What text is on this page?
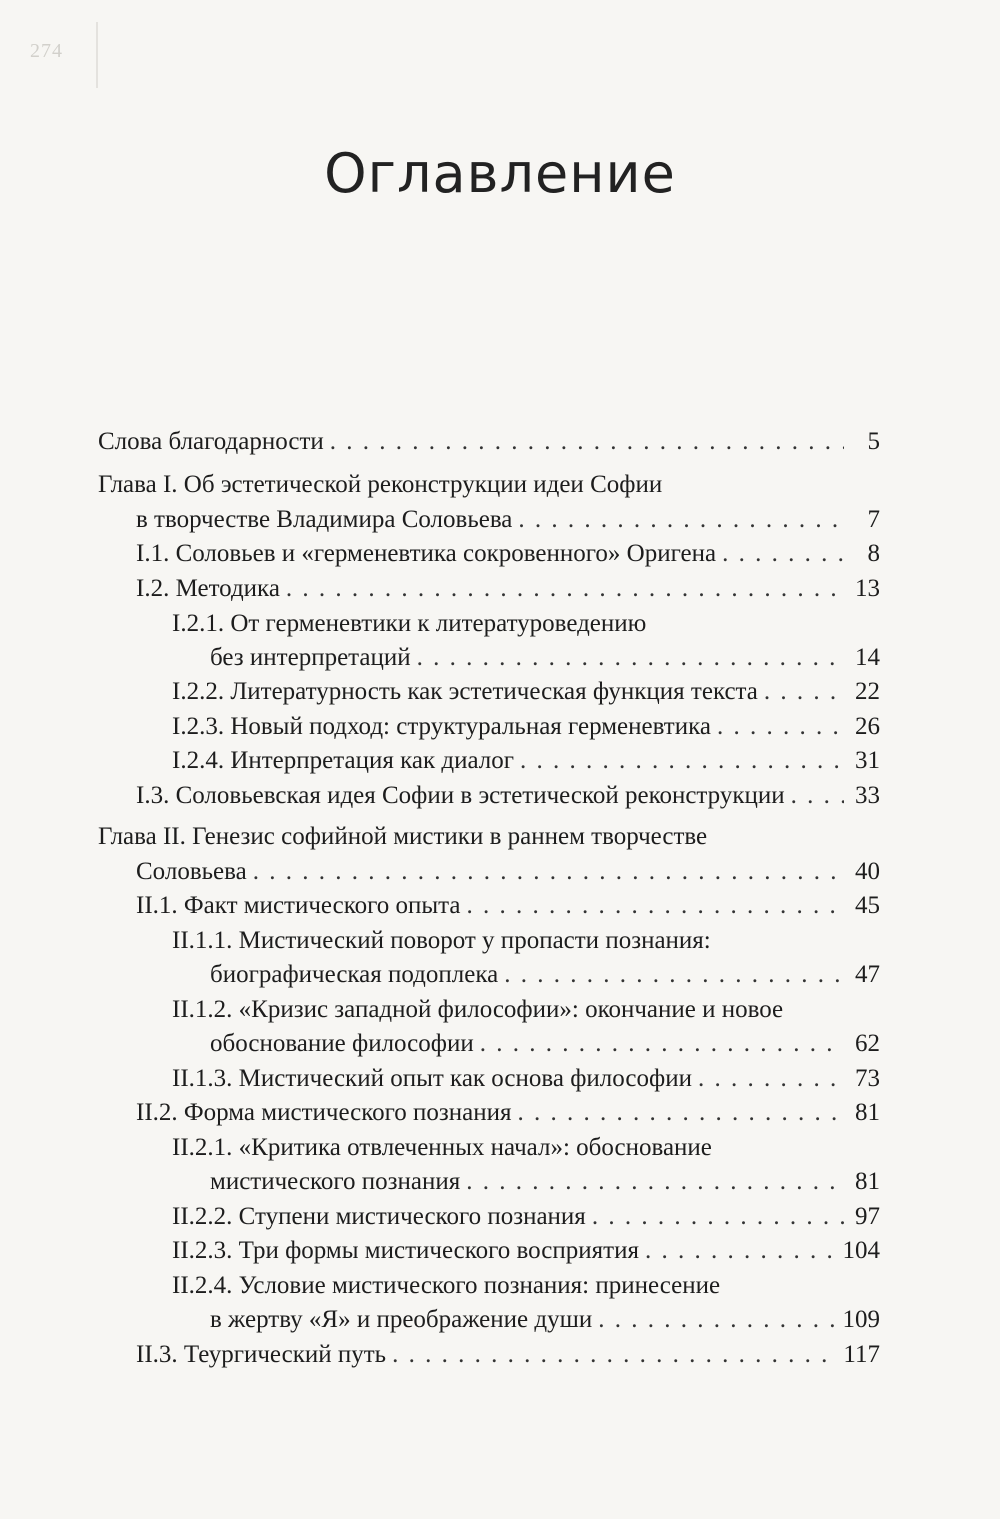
274
Оглавление
Слова благодарности . . .	5
Глава I. Об эстетической реконструкции идеи Софии
в творчестве Владимира Соловьева . . .	7
I.1. Соловьев и «герменевтика сокровенного» Оригена . . .	8
I.2. Методика . . .	13
I.2.1. От герменевтики к литературоведению
без интерпретаций . . .	14
I.2.2. Литературность как эстетическая функция текста . . .	22
I.2.3. Новый подход: структуральная герменевтика . . .	26
I.2.4. Интерпретация как диалог . . .	31
I.3. Соловьевская идея Софии в эстетической реконструкции . . .	33
Глава II. Генезис софийной мистики в раннем творчестве
Соловьева . . .	40
II.1. Факт мистического опыта . . .	45
II.1.1. Мистический поворот у пропасти познания:
биографическая подоплека . . .	47
II.1.2. «Кризис западной философии»: окончание и новое
обоснование философии . . .	62
II.1.3. Мистический опыт как основа философии . . .	73
II.2. Форма мистического познания . . .	81
II.2.1. «Критика отвлеченных начал»: обоснование
мистического познания . . .	81
II.2.2. Ступени мистического познания . . .	97
II.2.3. Три формы мистического восприятия . . .	104
II.2.4. Условие мистического познания: принесение
в жертву «Я» и преображение души . . .	109
II.3. Теургический путь . . .	117
